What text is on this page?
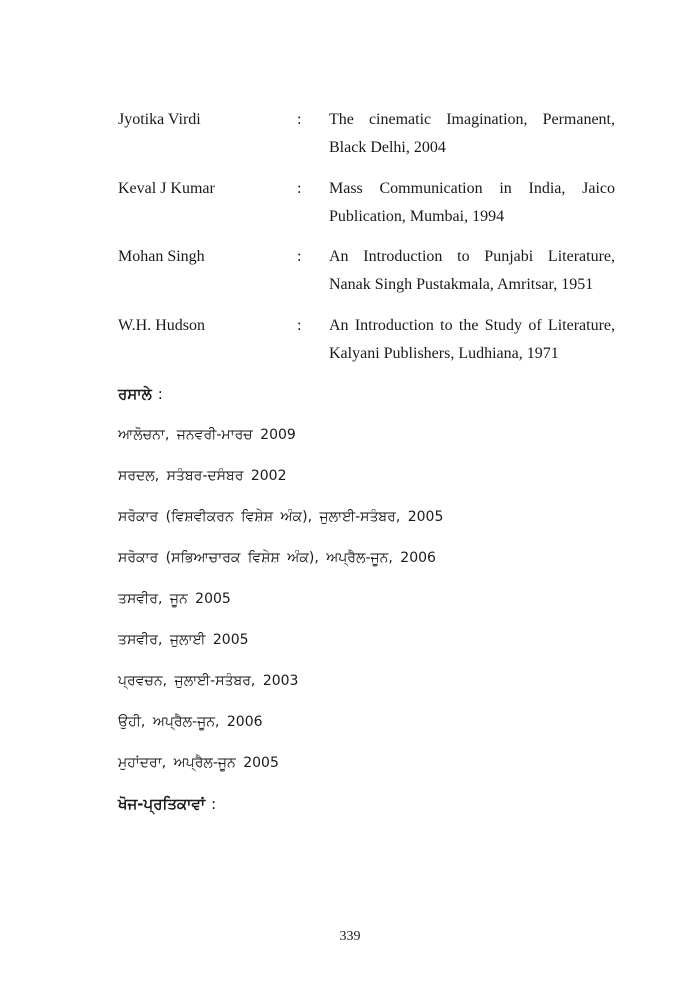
Jyotika Virdi	: The cinematic Imagination, Permanent, Black Delhi, 2004
Keval J Kumar	: Mass Communication in India, Jaico Publication, Mumbai, 1994
Mohan Singh	: An Introduction to Punjabi Literature, Nanak Singh Pustakmala, Amritsar, 1951
W.H. Hudson	: An Introduction to the Study of Literature, Kalyani Publishers, Ludhiana, 1971
ਰਸਾਲੇ :
ਆਲੋਚਨਾ, ਜਨਵਰੀ-ਮਾਰਚ 2009
ਸਰਦਲ, ਸਤੰਬਰ-ਦਸੰਬਰ 2002
ਸਰੋਕਾਰ (ਵਿਸ਼ਵੀਕਰਨ ਵਿਸ਼ੇਸ਼ ਅੰਕ), ਜੁਲਾਈ-ਸਤੰਬਰ, 2005
ਸਰੋਕਾਰ (ਸਭਿਆਚਾਰਕ ਵਿਸ਼ੇਸ਼ ਅੰਕ), ਅਪ੍ਰੈਲ-ਜੂਨ, 2006
ਤਸਵੀਰ, ਜੂਨ 2005
ਤਸਵੀਰ, ਜੁਲਾਈ 2005
ਪ੍ਰਵਚਨ, ਜੁਲਾਈ-ਸਤੰਬਰ, 2003
ਉਹੀ, ਅਪ੍ਰੈਲ-ਜੂਨ, 2006
ਮੁਹਾਂਦਰਾ, ਅਪ੍ਰੈਲ-ਜੂਨ 2005
ਖੋਜ-ਪ੍ਰਤਿਕਾਵਾਂ :
339
